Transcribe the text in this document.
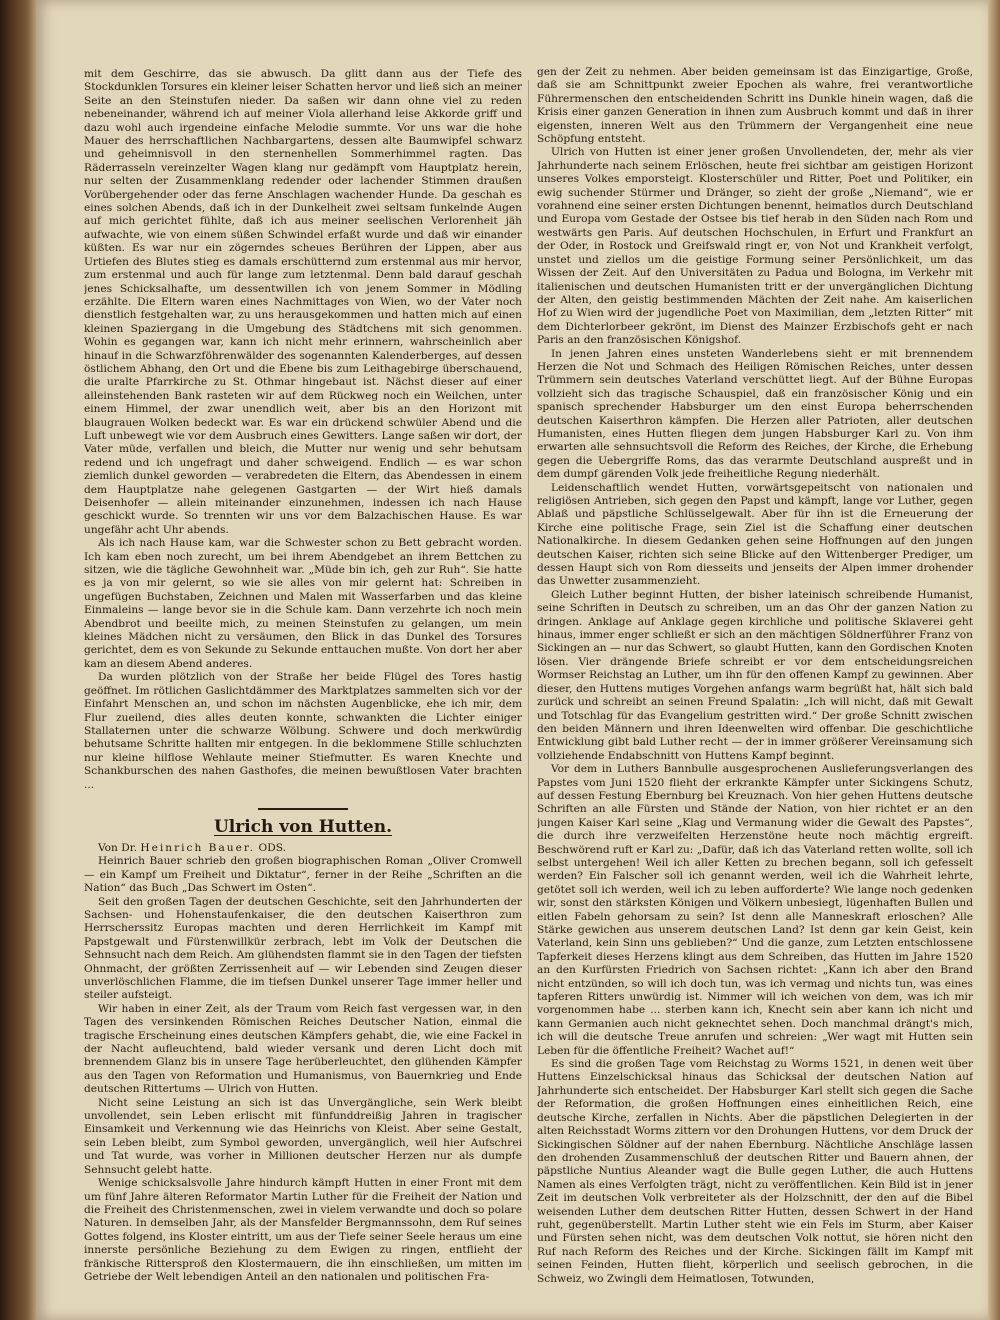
mit dem Geschirre, das sie abwusch. Da glitt dann aus der Tiefe des Stockdunklen Torsures ein kleiner leiser Schatten hervor und ließ sich an meiner Seite an den Steinstufen nieder. Da saßen wir dann ohne viel zu reden nebeneinander, während ich auf meiner Viola allerhand leise Akkorde griff und dazu wohl auch irgendeine einfache Melodie summte. Vor uns war die hohe Mauer des herrschaftlichen Nachbargartens, dessen alte Baumwipfel schwarz und geheimnisvoll in den sternenhellen Sommerhimmel ragten. Das Räderrasseln vereinzelter Wagen klang nur gedämpft vom Hauptplatz herein, nur selten der Zusammenklang redender oder lachender Stimmen draußen Vorübergehender oder das ferne Anschlagen wachender Hunde. Da geschah es eines solchen Abends, daß ich in der Dunkelheit zwei seltsam funkelnde Augen auf mich gerichtet fühlte, daß ich aus meiner seelischen Verlorenheit jäh aufwachte, wie von einem süßen Schwindel erfaßt wurde und daß wir einander küßten. Es war nur ein zögerndes scheues Berühren der Lippen, aber aus Urtiefen des Blutes stieg es damals erschütternd zum erstenmal aus mir hervor, zum erstenmal und auch für lange zum letztenmal. Denn bald darauf geschah jenes Schicksalhafte, um dessentwillen ich von jenem Sommer in Mödling erzählte. Die Eltern waren eines Nachmittages von Wien, wo der Vater noch dienstlich festgehalten war, zu uns herausgekommen und hatten mich auf einen kleinen Spaziergang in die Umgebung des Städtchens mit sich genommen. Wohin es gegangen war, kann ich nicht mehr erinnern, wahrscheinlich aber hinauf in die Schwarzföhrenwälder des sogenannten Kalenderberges, auf dessen östlichem Abhang, den Ort und die Ebene bis zum Leithagebirge überschauend, die uralte Pfarrkirche zu St. Othmar hingebaut ist. Nächst dieser auf einer alleinstehenden Bank rasteten wir auf dem Rückweg noch ein Weilchen, unter einem Himmel, der zwar unendlich weit, aber bis an den Horizont mit blaugrauen Wolken bedeckt war. Es war ein drückend schwüler Abend und die Luft unbewegt wie vor dem Ausbruch eines Gewitters. Lange saßen wir dort, der Vater müde, verfallen und bleich, die Mutter nur wenig und sehr behutsam redend und ich ungefragt und daher schweigend. Endlich — es war schon ziemlich dunkel geworden — verabredeten die Eltern, das Abendessen in einem dem Hauptplatze nahe gelegenen Gastgarten — der Wirt hieß damals Deisenhofer — allein miteinander einzunehmen, indessen ich nach Hause geschickt wurde. So trennten wir uns vor dem Balzachischen Hause. Es war ungefähr acht Uhr abends.

Als ich nach Hause kam, war die Schwester schon zu Bett gebracht worden. Ich kam eben noch zurecht, um bei ihrem Abendgebet an ihrem Bettchen zu sitzen, wie die tägliche Gewohnheit war. „Müde bin ich, geh zur Ruh“. Sie hatte es ja von mir gelernt, so wie sie alles von mir gelernt hat: Schreiben in ungefügen Buchstaben, Zeichnen und Malen mit Wasserfarben und das kleine Einmaleins — lange bevor sie in die Schule kam. Dann verzehrte ich noch mein Abendbrot und beeilte mich, zu meinen Steinstufen zu gelangen, um mein kleines Mädchen nicht zu versäumen, den Blick in das Dunkel des Torsures gerichtet, dem es von Sekunde zu Sekunde enttauchen mußte. Von dort her aber kam an diesem Abend anderes.

Da wurden plötzlich von der Straße her beide Flügel des Tores hastig geöffnet. Im rötlichen Gaslichtdämmer des Marktplatzes sammelten sich vor der Einfahrt Menschen an, und schon im nächsten Augenblicke, ehe ich mir, dem Flur zueilend, dies alles deuten konnte, schwankten die Lichter einiger Stallaternen unter die schwarze Wölbung. Schwere und doch merkwürdig behutsame Schritte hallten mir entgegen. In die beklommene Stille schluchzten nur kleine hilflose Wehlaute meiner Stiefmutter. Es waren Knechte und Schankburschen des nahen Gasthofes, die meinen bewußtlosen Vater brachten ...

Ulrich von Hutten.

Von Dr. Heinrich Bauer. ODS.

Heinrich Bauer schrieb den großen biographischen Roman „Oliver Cromwell — ein Kampf um Freiheit und Diktatur“, ferner in der Reihe „Schriften an die Nation“ das Buch „Das Schwert im Osten“.

Seit den großen Tagen der deutschen Geschichte, seit den Jahrhunderten der Sachsen- und Hohenstaufenkaiser, die den deutschen Kaiserthron zum Herrscherssitz Europas machten und deren Herrlichkeit im Kampf mit Papstgewalt und Fürstenwillkür zerbrach, lebt im Volk der Deutschen die Sehnsucht nach dem Reich. Am glühendsten flammt sie in den Tagen der tiefsten Ohnmacht, der größten Zerrissenheit auf — wir Lebenden sind Zeugen dieser unverlöschlichen Flamme, die im tiefsen Dunkel unserer Tage immer heller und steiler aufsteigt.

Wir haben in einer Zeit, als der Traum vom Reich fast vergessen war, in den Tagen des versinkenden Römischen Reiches Deutscher Nation, einmal die tragische Erscheinung eines deutschen Kämpfers gehabt, die, wie eine Fackel in der Nacht aufleuchtend, bald wieder versank und deren Licht doch mit brennendem Glanz bis in unsere Tage herüberleuchtet, den glühenden Kämpfer aus den Tagen von Reformation und Humanismus, von Bauernkrieg und Ende deutschen Rittertums — Ulrich von Hutten.

Nicht seine Leistung an sich ist das Unvergängliche, sein Werk bleibt unvollendet, sein Leben erlischt mit fünfunddreißig Jahren in tragischer Einsamkeit und Verkennung wie das Heinrichs von Kleist. Aber seine Gestalt, sein Leben bleibt, zum Symbol geworden, unvergänglich, weil hier Aufschrei und Tat wurde, was vorher in Millionen deutscher Herzen nur als dumpfe Sehnsucht gelebt hatte.

Wenige schicksalsvolle Jahre hindurch kämpft Hutten in einer Front mit dem um fünf Jahre älteren Reformator Martin Luther für die Freiheit der Nation und die Freiheit des Christenmenschen, zwei in vielem verwandte und doch so polare Naturen. In demselben Jahr, als der Mansfelder Bergmannssohn, dem Ruf seines Gottes folgend, ins Kloster eintritt, um aus der Tiefe seiner Seele heraus um eine innerste persönliche Beziehung zu dem Ewigen zu ringen, entflieht der fränkische Rittersproß den Klostermauern, die ihn einschließen, um mitten im Getriebe der Welt lebendigen Anteil an den nationalen und politischen Fra-

gen der Zeit zu nehmen. Aber beiden gemeinsam ist das Einzigartige, Große, daß sie am Schnittpunkt zweier Epochen als wahre, frei verantwortliche Führermenschen den entscheidenden Schritt ins Dunkle hinein wagen, daß die Krisis einer ganzen Generation in ihnen zum Ausbruch kommt und daß in ihrer eigensten, inneren Welt aus den Trümmern der Vergangenheit eine neue Schöpfung entsteht.

Ulrich von Hutten ist einer jener großen Unvollendeten, der, mehr als vier Jahrhunderte nach seinem Erlöschen, heute frei sichtbar am geistigen Horizont unseres Volkes emporsteigt. Klosterschüler und Ritter, Poet und Politiker, ein ewig suchender Stürmer und Dränger, so zieht der große „Niemand“, wie er vorahnend eine seiner ersten Dichtungen benennt, heimatlos durch Deutschland und Europa vom Gestade der Ostsee bis tief herab in den Süden nach Rom und westwärts gen Paris. Auf deutschen Hochschulen, in Erfurt und Frankfurt an der Oder, in Rostock und Greifswald ringt er, von Not und Krankheit verfolgt, unstet und ziellos um die geistige Formung seiner Persönlichkeit, um das Wissen der Zeit. Auf den Universitäten zu Padua und Bologna, im Verkehr mit italienischen und deutschen Humanisten tritt er der unvergänglichen Dichtung der Alten, den geistig bestimmenden Mächten der Zeit nahe. Am kaiserlichen Hof zu Wien wird der jugendliche Poet von Maximilian, dem „letzten Ritter“ mit dem Dichterlorbeer gekrönt, im Dienst des Mainzer Erzbischofs geht er nach Paris an den französischen Königshof.

In jenen Jahren eines unsteten Wanderlebens sieht er mit brennendem Herzen die Not und Schmach des Heiligen Römischen Reiches, unter dessen Trümmern sein deutsches Vaterland verschüttet liegt. Auf der Bühne Europas vollzieht sich das tragische Schauspiel, daß ein französischer König und ein spanisch sprechender Habsburger um den einst Europa beherrschenden deutschen Kaiserthron kämpfen. Die Herzen aller Patrioten, aller deutschen Humanisten, eines Hutten fliegen dem jungen Habsburger Karl zu. Von ihm erwarten alle sehnsuchtsvoll die Reform des Reiches, der Kirche, die Erhebung gegen die Uebergriffe Roms, das das verarmte Deutschland auspreßt und in dem dumpf gärenden Volk jede freiheitliche Regung niederhält.

Leidenschaftlich wendet Hutten, vorwärtsgepeitscht von nationalen und religiösen Antrieben, sich gegen den Papst und kämpft, lange vor Luther, gegen Ablaß und päpstliche Schlüsselgewalt. Aber für ihn ist die Erneuerung der Kirche eine politische Frage, sein Ziel ist die Schaffung einer deutschen Nationalkirche. In diesem Gedanken gehen seine Hoffnungen auf den jungen deutschen Kaiser, richten sich seine Blicke auf den Wittenberger Prediger, um dessen Haupt sich von Rom diesseits und jenseits der Alpen immer drohender das Unwetter zusammenzieht.

Gleich Luther beginnt Hutten, der bisher lateinisch schreibende Humanist, seine Schriften in Deutsch zu schreiben, um an das Ohr der ganzen Nation zu dringen. Anklage auf Anklage gegen kirchliche und politische Sklaverei geht hinaus, immer enger schließt er sich an den mächtigen Söldnerführer Franz von Sickingen an — nur das Schwert, so glaubt Hutten, kann den Gordischen Knoten lösen. Vier drängende Briefe schreibt er vor dem entscheidungsreichen Wormser Reichstag an Luther, um ihn für den offenen Kampf zu gewinnen. Aber dieser, den Huttens mutiges Vorgehen anfangs warm begrüßt hat, hält sich bald zurück und schreibt an seinen Freund Spalatin: „Ich will nicht, daß mit Gewalt und Totschlag für das Evangelium gestritten wird.“ Der große Schnitt zwischen den beiden Männern und ihren Ideenwelten wird offenbar. Die geschichtliche Entwicklung gibt bald Luther recht — der in immer größerer Vereinsamung sich vollziehende Endabschnitt von Huttens Kampf beginnt.

Vor dem in Luthers Bannbulle ausgesprochenen Auslieferungsverlangen des Papstes vom Juni 1520 flieht der erkrankte Kämpfer unter Sickingens Schutz, auf dessen Festung Ebernburg bei Kreuznach. Von hier gehen Huttens deutsche Schriften an alle Fürsten und Stände der Nation, von hier richtet er an den jungen Kaiser Karl seine „Klag und Vermanung wider die Gewalt des Papstes“, die durch ihre verzweifelten Herzenstöne heute noch mächtig ergreift. Beschwörend ruft er Karl zu: „Dafür, daß ich das Vaterland retten wollte, soll ich selbst untergehen! Weil ich aller Ketten zu brechen begann, soll ich gefesselt werden? Ein Falscher soll ich genannt werden, weil ich die Wahrheit lehrte, getötet soll ich werden, weil ich zu leben aufforderte? Wie lange noch gedenken wir, sonst den stärksten Königen und Völkern unbesiegt, lügenhaften Bullen und eitlen Fabeln gehorsam zu sein? Ist denn alle Manneskraft erloschen? Alle Stärke gewichen aus unserem deutschen Land? Ist denn gar kein Geist, kein Vaterland, kein Sinn uns geblieben?“ Und die ganze, zum Letzten entschlossene Tapferkeit dieses Herzens klingt aus dem Schreiben, das Hutten im Jahre 1520 an den Kurfürsten Friedrich von Sachsen richtet: „Kann ich aber den Brand nicht entzünden, so will ich doch tun, was ich vermag und nichts tun, was eines tapferen Ritters unwürdig ist. Nimmer will ich weichen von dem, was ich mir vorgenommen habe ... sterben kann ich, Knecht sein aber kann ich nicht und kann Germanien auch nicht geknechtet sehen. Doch manchmal drängt's mich, ich will die deutsche Treue anrufen und schreien: „Wer wagt mit Hutten sein Leben für die öffentliche Freiheit? Wachet auf!“

Es sind die großen Tage vom Reichstag zu Worms 1521, in denen weit über Huttens Einzelschicksal hinaus das Schicksal der deutschen Nation auf Jahrhunderte sich entscheidet. Der Habsburger Karl stellt sich gegen die Sache der Reformation, die großen Hoffnungen eines einheitlichen Reich, eine deutsche Kirche, zerfallen in Nichts. Aber die päpstlichen Delegierten in der alten Reichsstadt Worms zittern vor den Drohungen Huttens, vor dem Druck der Sickingischen Söldner auf der nahen Ebernburg. Nächtliche Anschläge lassen den drohenden Zusammenschluß der deutschen Ritter und Bauern ahnen, der päpstliche Nuntius Aleander wagt die Bulle gegen Luther, die auch Huttens Namen als eines Verfolgten trägt, nicht zu veröffentlichen. Kein Bild ist in jener Zeit im deutschen Volk verbreiteter als der Holzschnitt, der den auf die Bibel weisenden Luther dem deutschen Ritter Hutten, dessen Schwert in der Hand ruht, gegenüberstellt. Martin Luther steht wie ein Fels im Sturm, aber Kaiser und Fürsten sehen nicht, was dem deutschen Volk nottut, sie hören nicht den Ruf nach Reform des Reiches und der Kirche. Sickingen fällt im Kampf mit seinen Feinden, Hutten flieht, körperlich und seelisch gebrochen, in die Schweiz, wo Zwingli dem Heimatlosen, Totwunden,
